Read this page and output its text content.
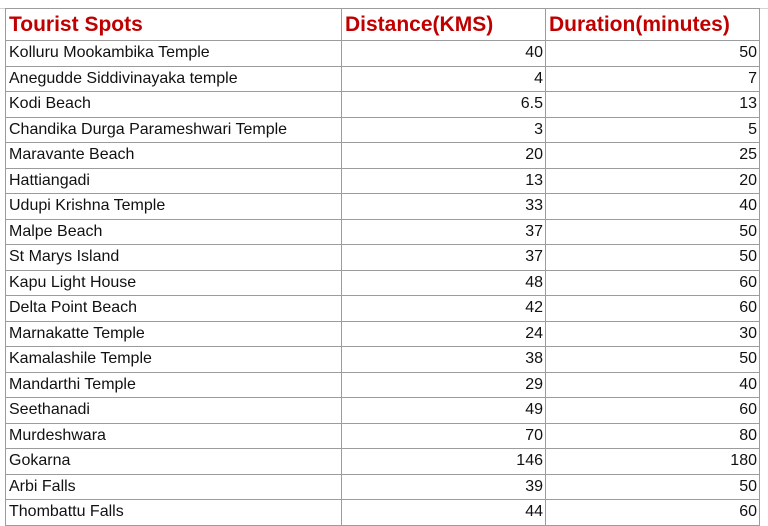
Tourist Spots	Distance(KMS)	Duration(minutes)
Kolluru Mookambika Temple	40	50
Anegudde Siddivinayaka temple	4	7
Kodi Beach	6.5	13
Chandika Durga Parameshwari Temple	3	5
Maravante Beach	20	25
Hattiangadi	13	20
Udupi Krishna Temple	33	40
Malpe Beach	37	50
St Marys Island	37	50
Kapu Light House	48	60
Delta Point Beach	42	60
Marnakatte Temple	24	30
Kamalashile Temple	38	50
Mandarthi Temple	29	40
Seethanadi	49	60
Murdeshwara	70	80
Gokarna	146	180
Arbi Falls	39	50
Thombattu Falls	44	60
